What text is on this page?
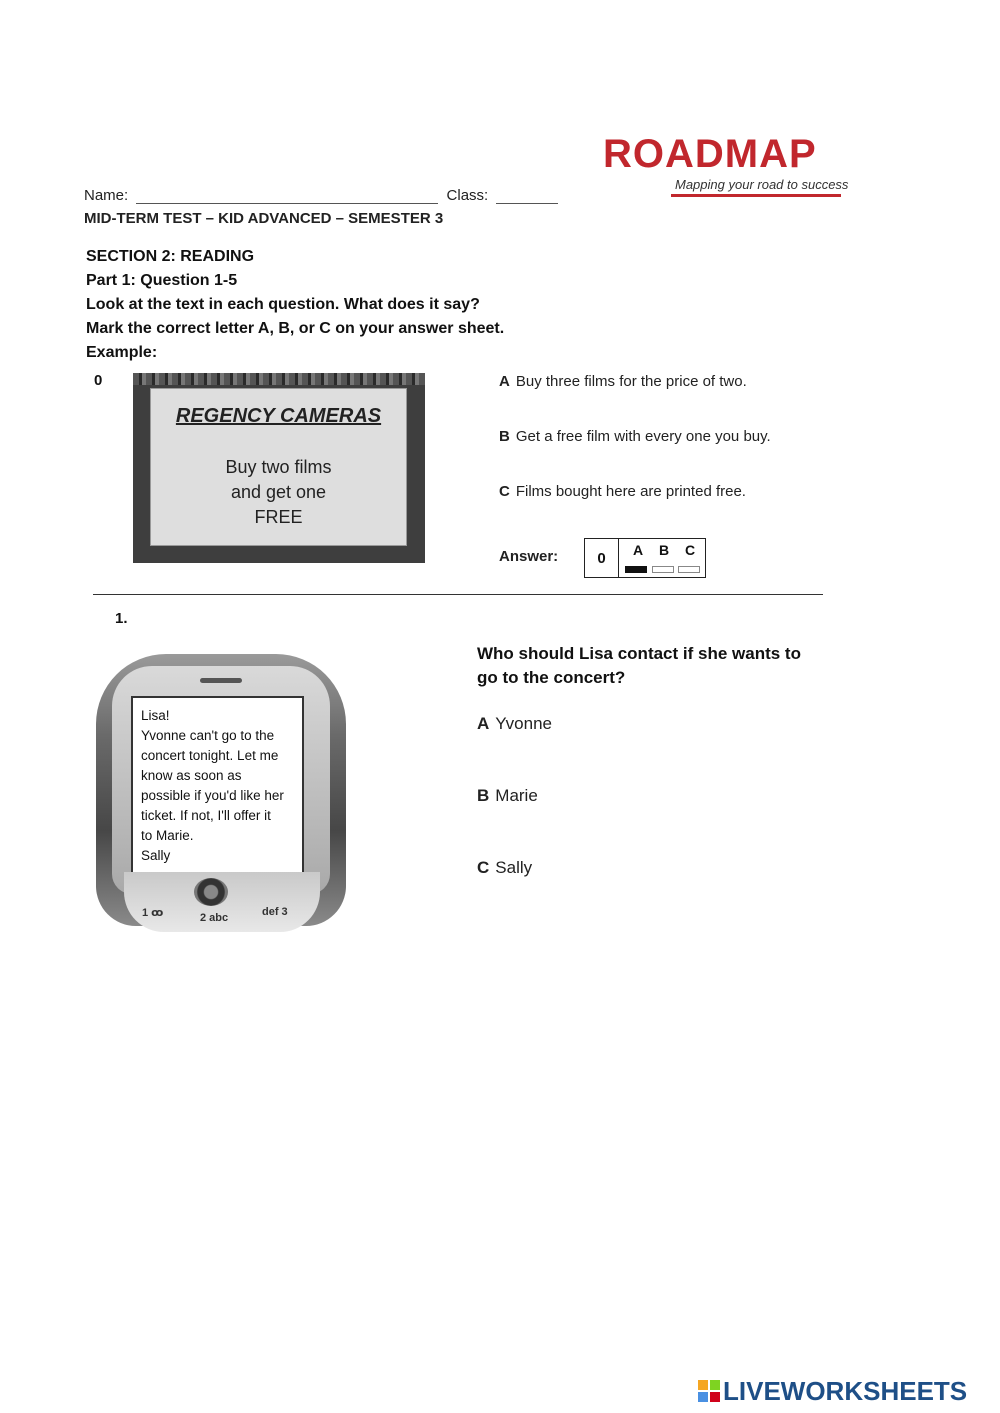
ROADMAP
Mapping your road to success
Name:	Class:
MID-TERM TEST – KID ADVANCED – SEMESTER 3
SECTION 2: READING
Part 1: Question 1-5
Look at the text in each question. What does it say?
Mark the correct letter A, B, or C on your answer sheet.
Example:
0
REGENCY CAMERAS
Buy two films
and get one
FREE
A Buy three films for the price of two.
B Get a free film with every one you buy.
C Films bought here are printed free.
Answer:	0	A B C
1.
Lisa!
Yvonne can't go to the
concert tonight. Let me
know as soon as
possible if you'd like her
ticket. If not, I'll offer it
to Marie.
Sally
1 ꝏ	2 abc	def 3
Who should Lisa contact if she wants to
go to the concert?
A Yvonne
B Marie
C Sally
LIVEWORKSHEETS
